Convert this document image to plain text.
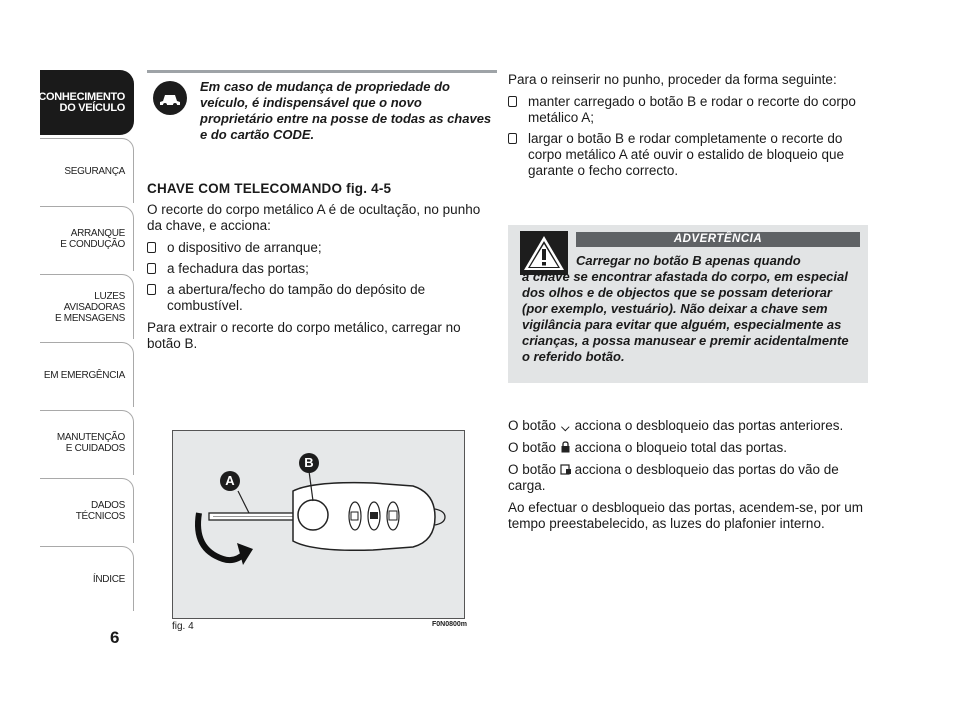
CONHECIMENTO
DO VEÍCULO
SEGURANÇA
ARRANQUE
E CONDUÇÃO
LUZES
AVISADORAS
E MENSAGENS
EM EMERGÊNCIA
MANUTENÇÃO
E CUIDADOS
DADOS
TÉCNICOS
ÍNDICE
6
Em caso de mudança de propriedade do
veículo, é indispensável que o novo proprietário entre na posse de todas as chaves e do cartão CODE.
CHAVE COM TELECOMANDO fig. 4-5

O recorte do corpo metálico A é de ocultação, no punho da chave, e acciona:

o dispositivo de arranque;
a fechadura das portas;
a abertura/fecho do tampão do depósito de combustível.

Para extrair o recorte do corpo metálico, carregar no botão B.

A
B
fig. 4	F0N0800m

Para o reinserir no punho, proceder da forma seguinte:

manter carregado o botão B e rodar o recorte do corpo metálico A;
largar o botão B e rodar completamente o recorte do corpo metálico A até ouvir o estalido de bloqueio que garante o fecho correcto.
ADVERTÊNCIA
Carregar no botão B apenas quando
a chave se encontrar afastada do corpo, em especial dos olhos e de objectos que se possam deteriorar (por exemplo, vestuário). Não deixar a chave sem vigilância para evitar que alguém, especialmente as crianças, a possa manusear e premir acidentalmente o referido botão.

O botão ⌵ acciona o desbloqueio das portas anteriores.

O botão acciona o bloqueio total das portas.

O botão acciona o desbloqueio das portas do vão de carga.

Ao efectuar o desbloqueio das portas, acendem-se, por um tempo preestabelecido, as luzes do plafonier interno.
